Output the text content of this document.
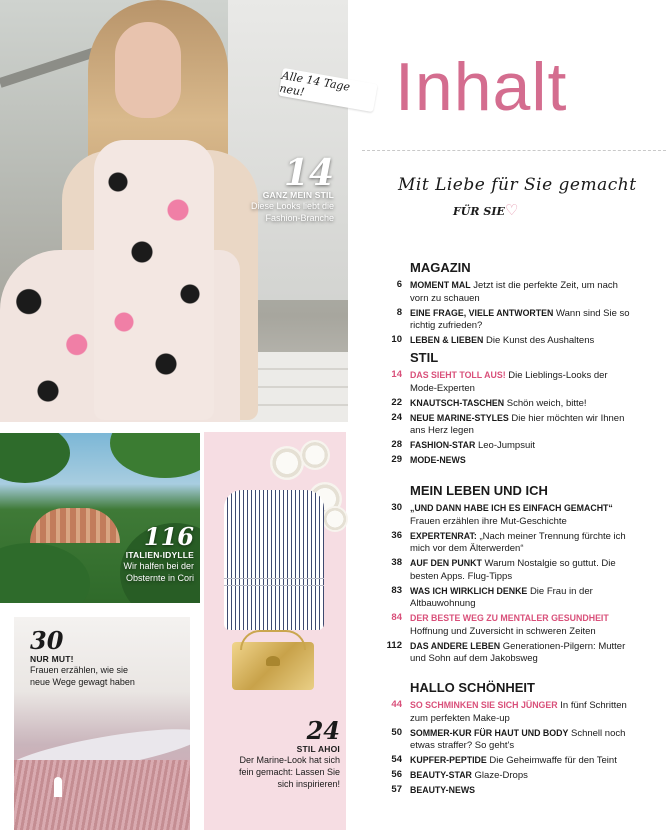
Alle 14 Tage neu!
14
GANZ MEIN STIL
Diese Looks liebt die
Fashion-Branche
116
ITALIEN-IDYLLE
Wir halfen bei der
Obsternte in Cori
30
NUR MUT!
Frauen erzählen, wie sie
neue Wege gewagt haben
24
STIL AHOI
Der Marine-Look hat sich
fein gemacht: Lassen Sie
sich inspirieren!
Inhalt
Mit Liebe für Sie gemacht
FÜR SIE ♡
MAGAZIN
6 MOMENT MAL Jetzt ist die perfekte Zeit, um nach vorn zu schauen
8 EINE FRAGE, VIELE ANTWORTEN Wann sind Sie so richtig zufrieden?
10 LEBEN & LIEBEN Die Kunst des Aushaltens
STIL
14 DAS SIEHT TOLL AUS! Die Lieblings-Looks der Mode-Experten
22 KNAUTSCH-TASCHEN Schön weich, bitte!
24 NEUE MARINE-STYLES Die hier möchten wir Ihnen ans Herz legen
28 FASHION-STAR Leo-Jumpsuit
29 MODE-NEWS
MEIN LEBEN UND ICH
30 „UND DANN HABE ICH ES EINFACH GEMACHT“ Frauen erzählen ihre Mut-Geschichte
36 EXPERTENRAT: „Nach meiner Trennung fürchte ich mich vor dem Älterwerden“
38 AUF DEN PUNKT Warum Nostalgie so guttut. Die besten Apps. Flug-Tipps
83 WAS ICH WIRKLICH DENKE Die Frau in der Altbauwohnung
84 DER BESTE WEG ZU MENTALER GESUNDHEIT Hoffnung und Zuversicht in schweren Zeiten
112 DAS ANDERE LEBEN Generationen-Pilgern: Mutter und Sohn auf dem Jakobsweg
HALLO SCHÖNHEIT
44 SO SCHMINKEN SIE SICH JÜNGER In fünf Schritten zum perfekten Make-up
50 SOMMER-KUR FÜR HAUT UND BODY Schnell noch etwas straffer? So geht's
54 KUPFER-PEPTIDE Die Geheimwaffe für den Teint
56 BEAUTY-STAR Glaze-Drops
57 BEAUTY-NEWS
